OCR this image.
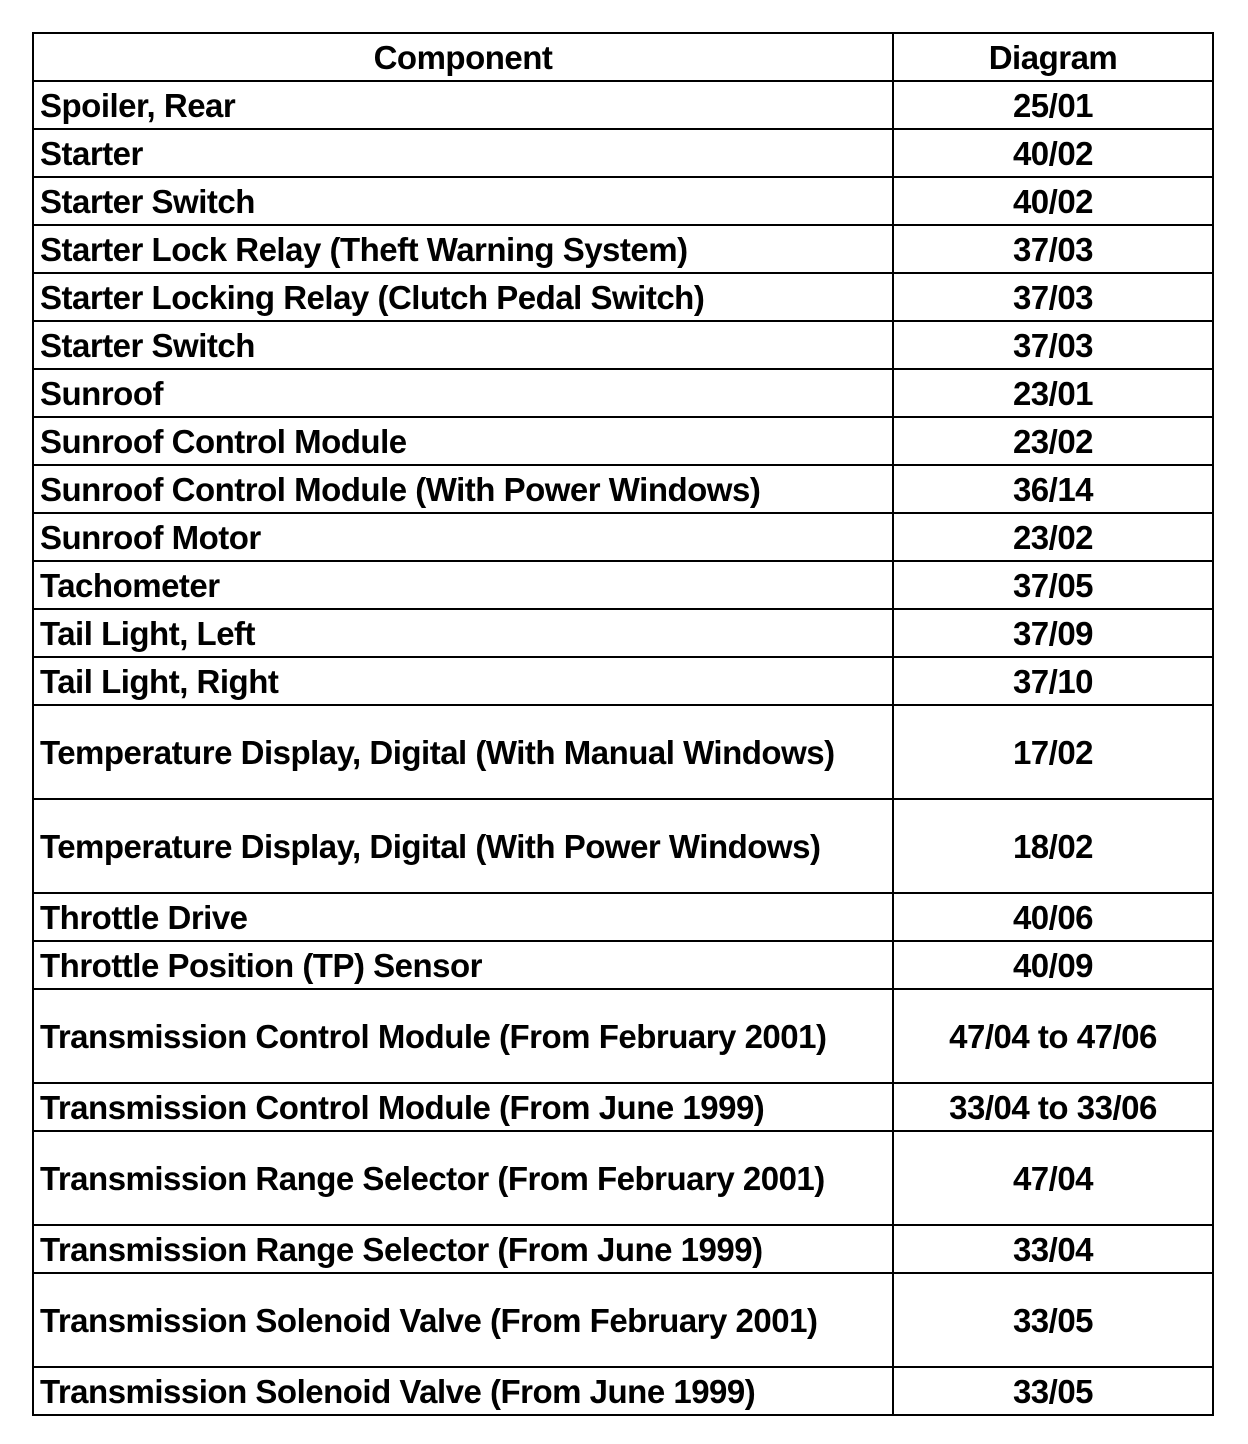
Component	Diagram
Spoiler, Rear	25/01
Starter	40/02
Starter Switch	40/02
Starter Lock Relay (Theft Warning System)	37/03
Starter Locking Relay (Clutch Pedal Switch)	37/03
Starter Switch	37/03
Sunroof	23/01
Sunroof Control Module	23/02
Sunroof Control Module (With Power Windows)	36/14
Sunroof Motor	23/02
Tachometer	37/05
Tail Light, Left	37/09
Tail Light, Right	37/10
Temperature Display, Digital (With Manual Windows)	17/02
Temperature Display, Digital (With Power Windows)	18/02
Throttle Drive	40/06
Throttle Position (TP) Sensor	40/09
Transmission Control Module (From February 2001)	47/04 to 47/06
Transmission Control Module (From June 1999)	33/04 to 33/06
Transmission Range Selector (From February 2001)	47/04
Transmission Range Selector (From June 1999)	33/04
Transmission Solenoid Valve (From February 2001)	33/05
Transmission Solenoid Valve (From June 1999)	33/05
